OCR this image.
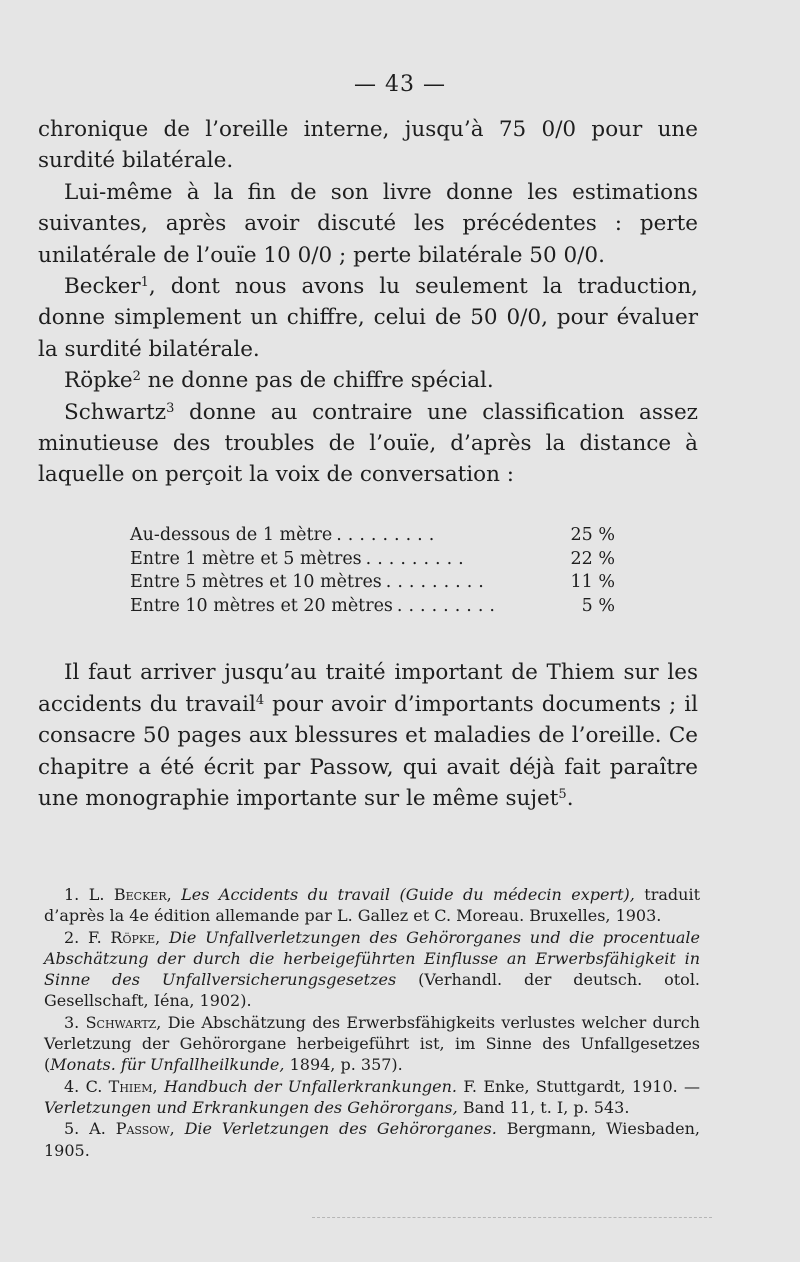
— 43 —

chronique de l’oreille interne, jusqu’à 75 0/0 pour une surdité bilatérale.

Lui-même à la fin de son livre donne les estimations suivantes, après avoir discuté les précédentes : perte unilatérale de l’ouïe 10 0/0 ; perte bilatérale 50 0/0.

Becker$^1$, dont nous avons lu seulement la traduction, donne simplement un chiffre, celui de 50 0/0, pour évaluer la surdité bilatérale.

Röpke$^2$ ne donne pas de chiffre spécial.

Schwartz$^3$ donne au contraire une classification assez minutieuse des troubles de l’ouïe, d’après la distance à laquelle on perçoit la voix de conversation :

Au-dessous de 1 mètre .........	25 %
Entre 1 mètre et 5 mètres .........	22 %
Entre 5 mètres et 10 mètres .........	11 %
Entre 10 mètres et 20 mètres .........	5 %

Il faut arriver jusqu’au traité important de Thiem sur les accidents du travail$^4$ pour avoir d’importants documents ; il consacre 50 pages aux blessures et maladies de l’oreille. Ce chapitre a été écrit par Passow, qui avait déjà fait paraître une monographie importante sur le même sujet$^5$.

1. L. Becker, Les Accidents du travail (Guide du médecin expert), traduit d’après la 4e édition allemande par L. Gallez et C. Moreau. Bruxelles, 1903.

2. F. Röpke, Die Unfallverletzungen des Gehörorganes und die procentuale Abschätzung der durch die herbeigeführten Einflusse an Erwerbsfähigkeit in Sinne des Unfallversicherungsgesetzes (Verhandl. der deutsch. otol. Gesellschaft, Iéna, 1902).

3. Schwartz, Die Abschätzung des Erwerbsfähigkeits verlustes welcher durch Verletzung der Gehörorgane herbeigeführt ist, im Sinne des Unfallgesetzes (Monats. für Unfallheilkunde, 1894, p. 357).

4. C. Thiem, Handbuch der Unfallerkrankungen. F. Enke, Stuttgardt, 1910. — Verletzungen und Erkrankungen des Gehörorgans, Band 11, t. I, p. 543.

5. A. Passow, Die Verletzungen des Gehörorganes. Bergmann, Wiesbaden, 1905.
